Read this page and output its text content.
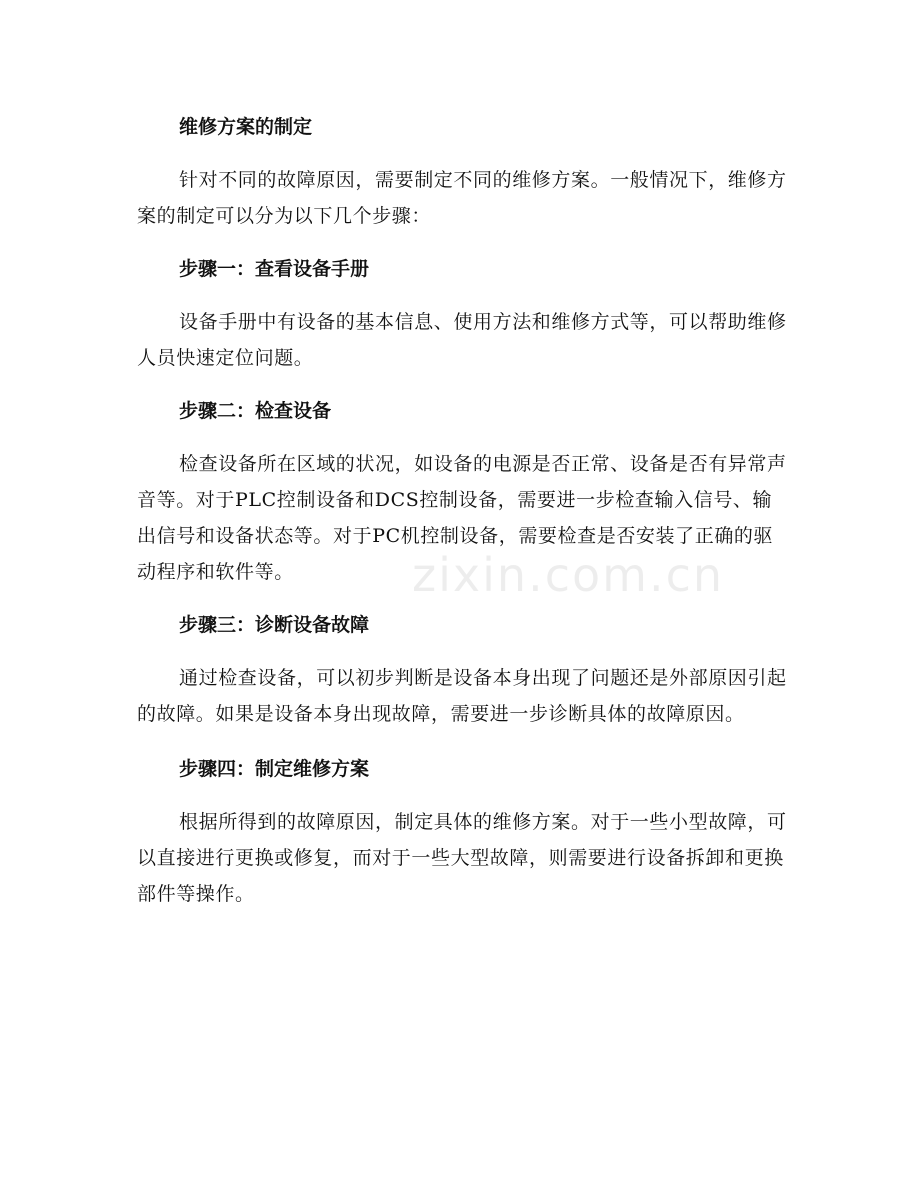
维修方案的制定

针对不同的故障原因，需要制定不同的维修方案。一般情况下，维修方案的制定可以分为以下几个步骤：

步骤一：查看设备手册

设备手册中有设备的基本信息、使用方法和维修方式等，可以帮助维修人员快速定位问题。

步骤二：检查设备

检查设备所在区域的状况，如设备的电源是否正常、设备是否有异常声音等。对于PLC控制设备和DCS控制设备，需要进一步检查输入信号、输出信号和设备状态等。对于PC机控制设备，需要检查是否安装了正确的驱动程序和软件等。

步骤三：诊断设备故障

通过检查设备，可以初步判断是设备本身出现了问题还是外部原因引起的故障。如果是设备本身出现故障，需要进一步诊断具体的故障原因。

步骤四：制定维修方案

根据所得到的故障原因，制定具体的维修方案。对于一些小型故障，可以直接进行更换或修复，而对于一些大型故障，则需要进行设备拆卸和更换部件等操作。

zixin.com.cn
